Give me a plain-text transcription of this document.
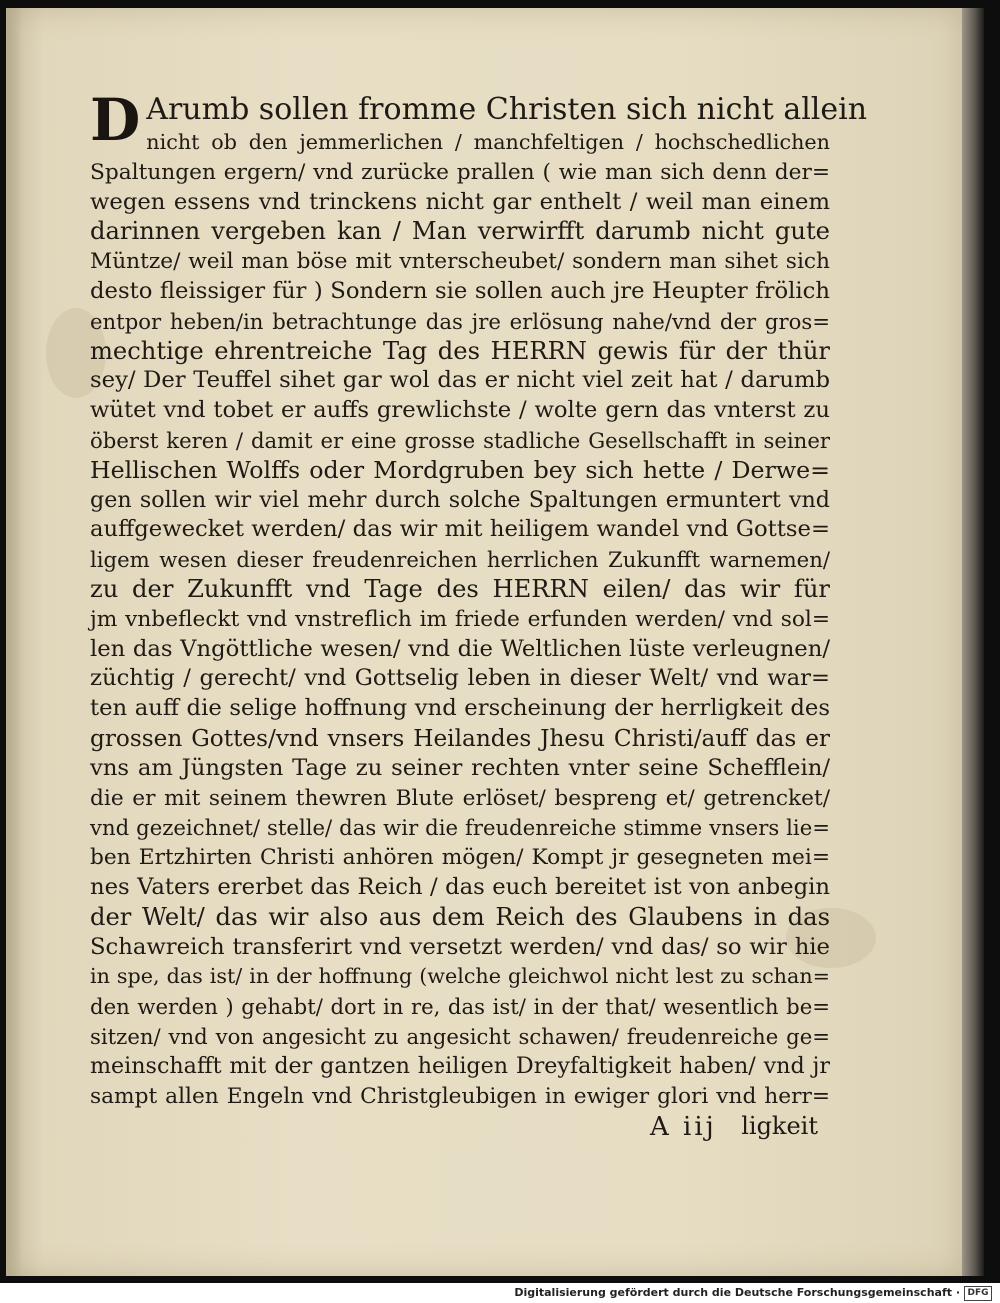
D Arumb sollen fromme Christen sich nicht allein
nicht ob den jemmerlichen / manchfeltigen / hochschedlichen
Spaltungen ergern/ vnd zurücke prallen ( wie man sich denn der=
wegen essens vnd trinckens nicht gar enthelt / weil man einem
darinnen vergeben kan / Man verwirfft darumb nicht gute
Müntze/ weil man böse mit vnterscheubet/ sondern man sihet sich
desto fleissiger für ) Sondern sie sollen auch jre Heupter frölich
entpor heben/in betrachtunge das jre erlösung nahe/vnd der gros=
mechtige ehrentreiche Tag des HERRN gewis für der thür
sey/ Der Teuffel sihet gar wol das er nicht viel zeit hat / darumb
wütet vnd tobet er auffs grewlichste / wolte gern das vnterst zu
öberst keren / damit er eine grosse stadliche Gesellschafft in seiner
Hellischen Wolffs oder Mordgruben bey sich hette / Derwe=
gen sollen wir viel mehr durch solche Spaltungen ermuntert vnd
auffgewecket werden/ das wir mit heiligem wandel vnd Gottse=
ligem wesen dieser freudenreichen herrlichen Zukunfft warnemen/
zu der Zukunfft vnd Tage des HERRN eilen/ das wir für
jm vnbefleckt vnd vnstreflich im friede erfunden werden/ vnd sol=
len das Vngöttliche wesen/ vnd die Weltlichen lüste verleugnen/
züchtig / gerecht/ vnd Gottselig leben in dieser Welt/ vnd war=
ten auff die selige hoffnung vnd erscheinung der herrligkeit des
grossen Gottes/vnd vnsers Heilandes Jhesu Christi/auff das er
vns am Jüngsten Tage zu seiner rechten vnter seine Schefflein/
die er mit seinem thewren Blute erlöset/ bespreng et/ getrencket/
vnd gezeichnet/ stelle/ das wir die freudenreiche stimme vnsers lie=
ben Ertzhirten Christi anhören mögen/ Kompt jr gesegneten mei=
nes Vaters ererbet das Reich / das euch bereitet ist von anbegin
der Welt/ das wir also aus dem Reich des Glaubens in das
Schawreich transferirt vnd versetzt werden/ vnd das/ so wir hie
in spe, das ist/ in der hoffnung (welche gleichwol nicht lest zu schan=
den werden ) gehabt/ dort in re, das ist/ in der that/ wesentlich be=
sitzen/ vnd von angesicht zu angesicht schawen/ freudenreiche ge=
meinschafft mit der gantzen heiligen Dreyfaltigkeit haben/ vnd jr
sampt allen Engeln vnd Christgleubigen in ewiger glori vnd herr=
A iij ligkeit
Digitalisierung gefördert durch die Deutsche Forschungsgemeinschaft · DFG
